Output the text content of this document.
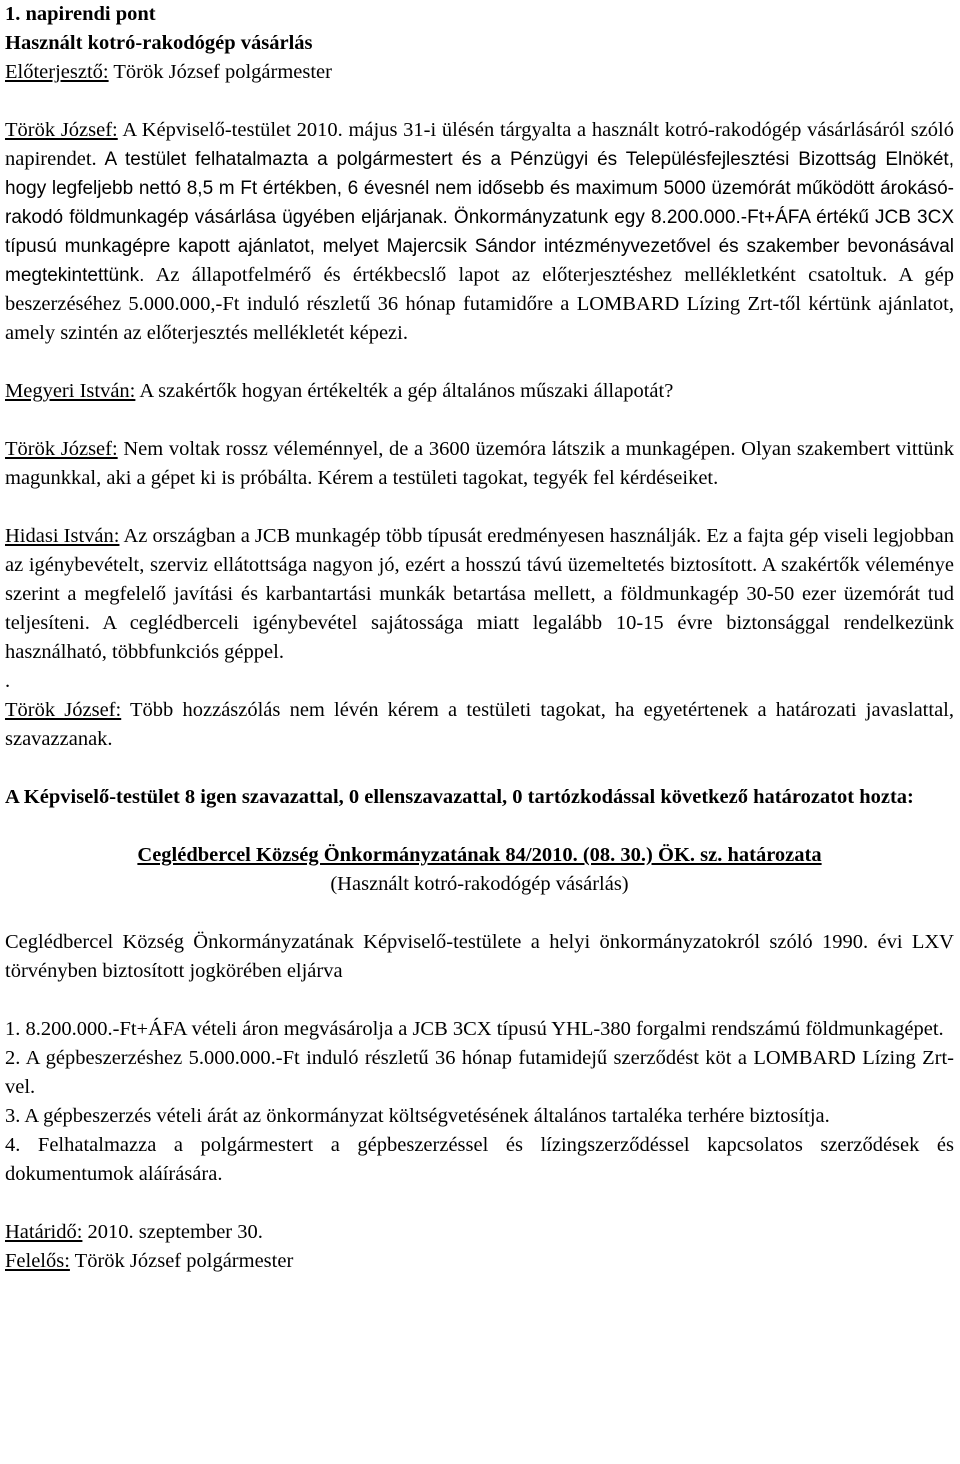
1. napirendi pont

Használt kotró-rakodógép vásárlás

Előterjesztő: Török József polgármester

Török József: A Képviselő-testület 2010. május 31-i ülésén tárgyalta a használt kotró-rakodógép vásárlásáról szóló napirendet. A testület felhatalmazta a polgármestert és a Pénzügyi és Településfejlesztési Bizottság Elnökét, hogy legfeljebb nettó 8,5 m Ft értékben, 6 évesnél nem idősebb és maximum 5000 üzemórát működött árokásó-rakodó földmunkagép vásárlása ügyében eljárjanak. Önkormányzatunk egy 8.200.000.-Ft+ÁFA értékű JCB 3CX típusú munkagépre kapott ajánlatot, melyet Majercsik Sándor intézményvezetővel és szakember bevonásával megtekintettünk. Az állapotfelmérő és értékbecslő lapot az előterjesztéshez mellékletként csatoltuk. A gép beszerzéséhez 5.000.000,-Ft induló részletű 36 hónap futamidőre a LOMBARD Lízing Zrt-től kértünk ajánlatot, amely szintén az előterjesztés mellékletét képezi.

Megyeri István: A szakértők hogyan értékelték a gép általános műszaki állapotát?

Török József: Nem voltak rossz véleménnyel, de a 3600 üzemóra látszik a munkagépen. Olyan szakembert vittünk magunkkal, aki a gépet ki is próbálta. Kérem a testületi tagokat, tegyék fel kérdéseiket.

Hidasi István: Az országban a JCB munkagép több típusát eredményesen használják. Ez a fajta gép viseli legjobban az igénybevételt, szerviz ellátottsága nagyon jó, ezért a hosszú távú üzemeltetés biztosított. A szakértők véleménye szerint a megfelelő javítási és karbantartási munkák betartása mellett, a földmunkagép 30-50 ezer üzemórát tud teljesíteni. A ceglédberceli igénybevétel sajátossága miatt legalább 10-15 évre biztonsággal rendelkezünk használható, többfunkciós géppel.

.

Török József: Több hozzászólás nem lévén kérem a testületi tagokat, ha egyetértenek a határozati javaslattal, szavazzanak.

A Képviselő-testület 8 igen szavazattal, 0 ellenszavazattal, 0 tartózkodással következő határozatot hozta:

Ceglédbercel Község Önkormányzatának 84/2010. (08. 30.) ÖK. sz. határozata

(Használt kotró-rakodógép vásárlás)

Ceglédbercel Község Önkormányzatának Képviselő-testülete a helyi önkormányzatokról szóló 1990. évi LXV törvényben biztosított jogkörében eljárva

1. 8.200.000.-Ft+ÁFA vételi áron megvásárolja a JCB 3CX típusú YHL-380 forgalmi rendszámú földmunkagépet.

2. A gépbeszerzéshez 5.000.000.-Ft induló részletű 36 hónap futamidejű szerződést köt a LOMBARD Lízing Zrt-vel.

3. A gépbeszerzés vételi árát az önkormányzat költségvetésének általános tartaléka terhére biztosítja.

4. Felhatalmazza a polgármestert a gépbeszerzéssel és lízingszerződéssel kapcsolatos szerződések és dokumentumok aláírására.

Határidő: 2010. szeptember 30.

Felelős: Török József polgármester
